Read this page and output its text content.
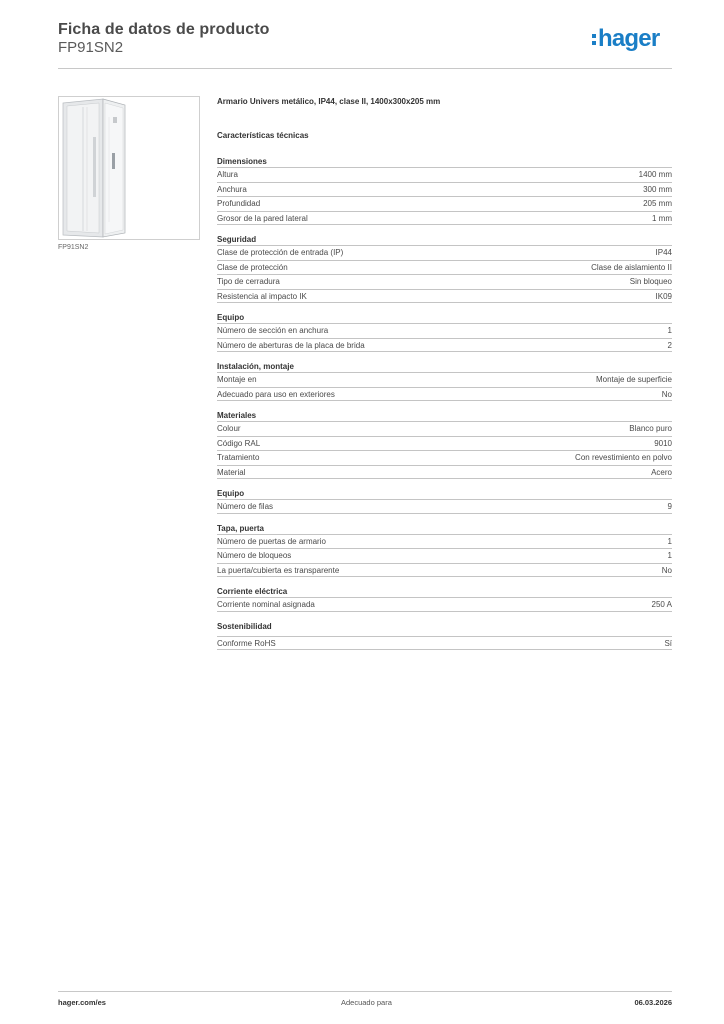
Ficha de datos de producto
FP91SN2	hager
FP91SN2
Armario Univers metálico, IP44, clase II, 1400x300x205 mm
Características técnicas
Dimensiones
Altura	1400 mm
Anchura	300 mm
Profundidad	205 mm
Grosor de la pared lateral	1 mm
Seguridad
Clase de protección de entrada (IP)	IP44
Clase de protección	Clase de aislamiento II
Tipo de cerradura	Sin bloqueo
Resistencia al impacto IK	IK09
Equipo
Número de sección en anchura	1
Número de aberturas de la placa de brida	2
Instalación, montaje
Montaje en	Montaje de superficie
Adecuado para uso en exteriores	No
Materiales
Colour	Blanco puro
Código RAL	9010
Tratamiento	Con revestimiento en polvo
Material	Acero
Equipo
Número de filas	9
Tapa, puerta
Número de puertas de armario	1
Número de bloqueos	1
La puerta/cubierta es transparente	No
Corriente eléctrica
Corriente nominal asignada	250 A
Sostenibilidad
Conforme RoHS	Sí
hager.com/es	Adecuado para	06.03.2026
